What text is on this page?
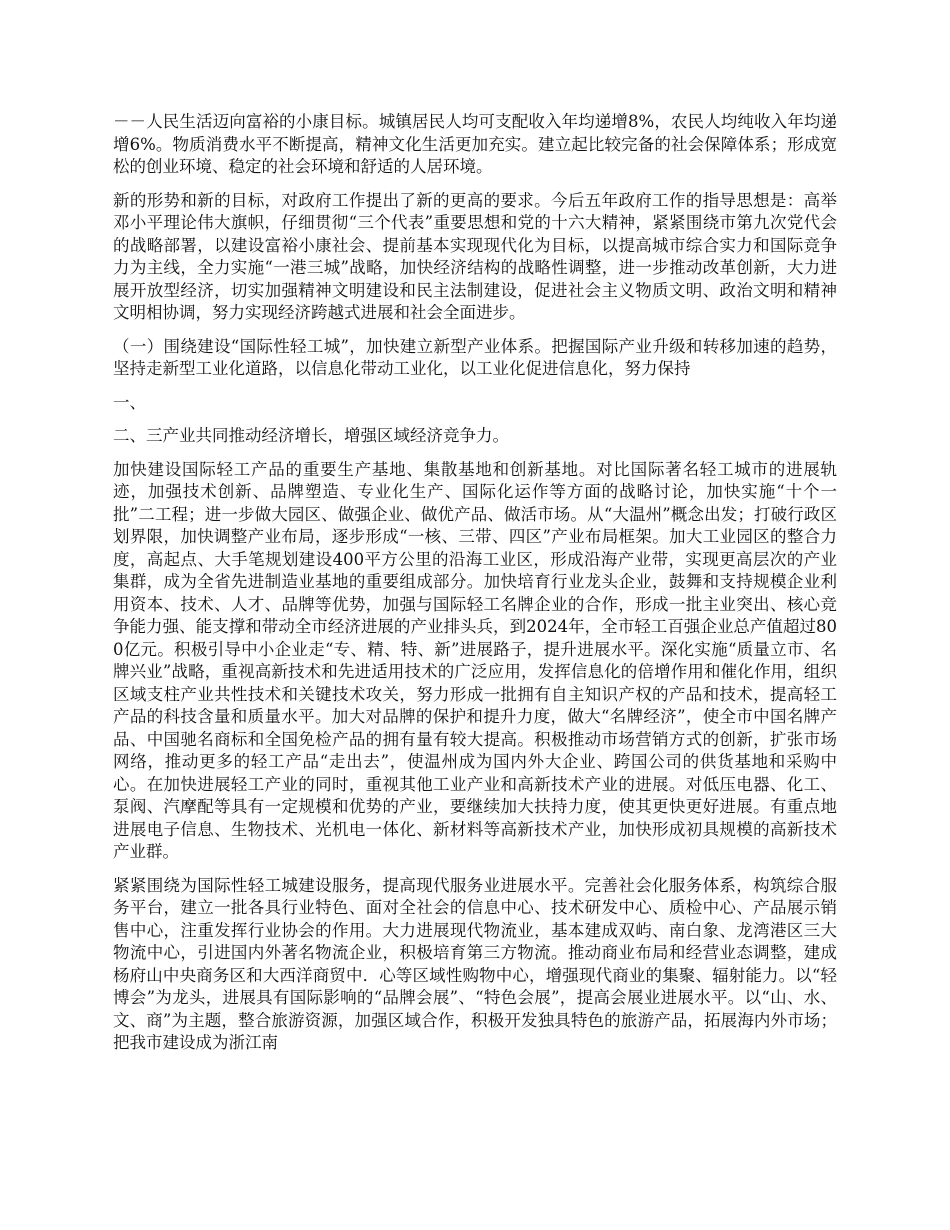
－－人民生活迈向富裕的小康目标。城镇居民人均可支配收入年均递增8%，农民人均纯收入年均递增6%。物质消费水平不断提高，精神文化生活更加充实。建立起比较完备的社会保障体系；形成宽松的创业环境、稳定的社会环境和舒适的人居环境。

新的形势和新的目标，对政府工作提出了新的更高的要求。今后五年政府工作的指导思想是：高举邓小平理论伟大旗帜，仔细贯彻“三个代表”重要思想和党的十六大精神，紧紧围绕市第九次党代会的战略部署，以建设富裕小康社会、提前基本实现现代化为目标，以提高城市综合实力和国际竞争力为主线，全力实施“一港三城”战略，加快经济结构的战略性调整，进一步推动改革创新，大力进展开放型经济，切实加强精神文明建设和民主法制建设，促进社会主义物质文明、政治文明和精神文明相协调，努力实现经济跨越式进展和社会全面进步。

（一）围绕建设“国际性轻工城”，加快建立新型产业体系。把握国际产业升级和转移加速的趋势，坚持走新型工业化道路，以信息化带动工业化，以工业化促进信息化，努力保持

一、

二、三产业共同推动经济增长，增强区域经济竞争力。

加快建设国际轻工产品的重要生产基地、集散基地和创新基地。对比国际著名轻工城市的进展轨迹，加强技术创新、品牌塑造、专业化生产、国际化运作等方面的战略讨论，加快实施“十个一批”二工程；进一步做大园区、做强企业、做优产品、做活市场。从“大温州”概念出发；打破行政区划界限，加快调整产业布局，逐步形成“一核、三带、四区”产业布局框架。加大工业园区的整合力度，高起点、大手笔规划建设400平方公里的沿海工业区，形成沿海产业带，实现更高层次的产业集群，成为全省先进制造业基地的重要组成部分。加快培育行业龙头企业，鼓舞和支持规模企业利用资本、技术、人才、品牌等优势，加强与国际轻工名牌企业的合作，形成一批主业突出、核心竞争能力强、能支撑和带动全市经济进展的产业排头兵，到2024年，全市轻工百强企业总产值超过800亿元。积极引导中小企业走“专、精、特、新”进展路子，提升进展水平。深化实施“质量立市、名牌兴业”战略，重视高新技术和先进适用技术的广泛应用，发挥信息化的倍增作用和催化作用，组织区域支柱产业共性技术和关键技术攻关，努力形成一批拥有自主知识产权的产品和技术，提高轻工产品的科技含量和质量水平。加大对品牌的保护和提升力度，做大“名牌经济”，使全市中国名牌产品、中国驰名商标和全国免检产品的拥有量有较大提高。积极推动市场营销方式的创新，扩张市场网络，推动更多的轻工产品“走出去”，使温州成为国内外大企业、跨国公司的供货基地和采购中心。在加快进展轻工产业的同时，重视其他工业产业和高新技术产业的进展。对低压电器、化工、泵阀、汽摩配等具有一定规模和优势的产业，要继续加大扶持力度，使其更快更好进展。有重点地进展电子信息、生物技术、光机电一体化、新材料等高新技术产业，加快形成初具规模的高新技术产业群。

紧紧围绕为国际性轻工城建设服务，提高现代服务业进展水平。完善社会化服务体系，构筑综合服务平台，建立一批各具行业特色、面对全社会的信息中心、技术研发中心、质检中心、产品展示销售中心，注重发挥行业协会的作用。大力进展现代物流业，基本建成双屿、南白象、龙湾港区三大物流中心，引进国内外著名物流企业，积极培育第三方物流。推动商业布局和经营业态调整，建成杨府山中央商务区和大西洋商贸中．心等区域性购物中心，增强现代商业的集聚、辐射能力。以“轻博会”为龙头，进展具有国际影响的“品牌会展”、“特色会展”，提高会展业进展水平。以“山、水、文、商”为主题，整合旅游资源，加强区域合作，积极开发独具特色的旅游产品，拓展海内外市场；把我市建设成为浙江南
